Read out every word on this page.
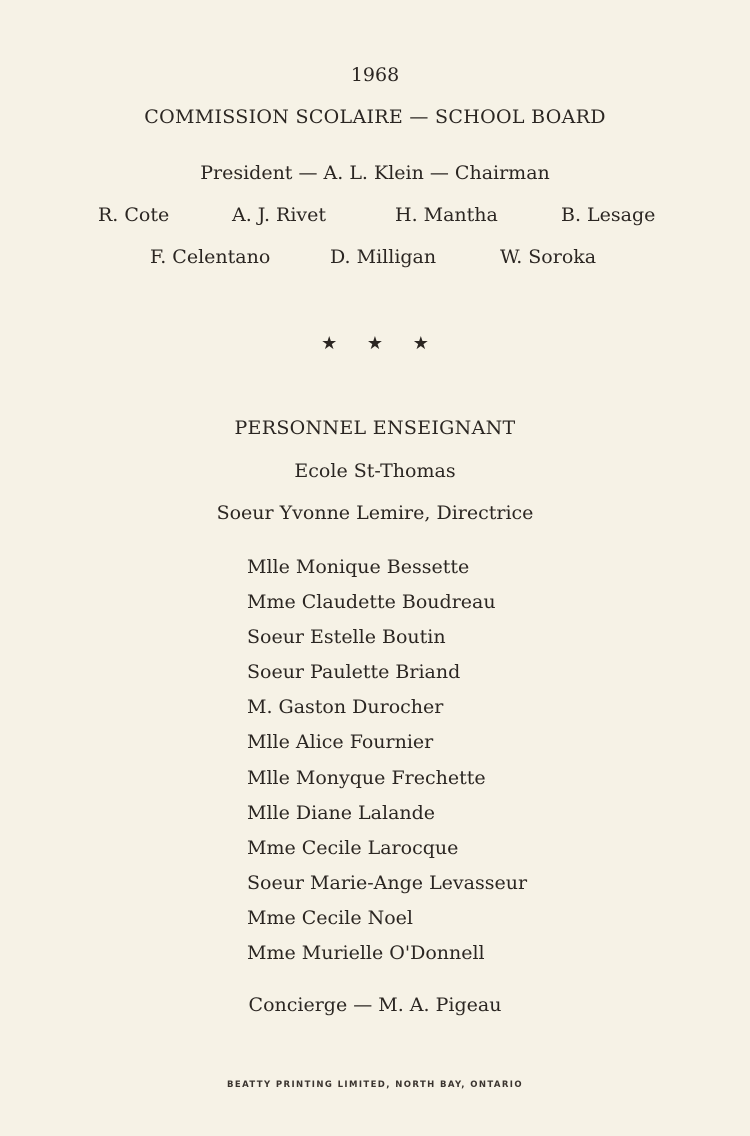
1968
COMMISSION SCOLAIRE — SCHOOL BOARD
President — A. L. Klein — Chairman
R. Cote	A. J. Rivet	H. Mantha	B. Lesage
F. Celentano	D. Milligan	W. Soroka
★ ★ ★
PERSONNEL ENSEIGNANT
Ecole St-Thomas
Soeur Yvonne Lemire, Directrice
Mlle Monique Bessette
Mme Claudette Boudreau
Soeur Estelle Boutin
Soeur Paulette Briand
M. Gaston Durocher
Mlle Alice Fournier
Mlle Monyque Frechette
Mlle Diane Lalande
Mme Cecile Larocque
Soeur Marie-Ange Levasseur
Mme Cecile Noel
Mme Murielle O'Donnell
Concierge — M. A. Pigeau
BEATTY PRINTING LIMITED, NORTH BAY, ONTARIO
